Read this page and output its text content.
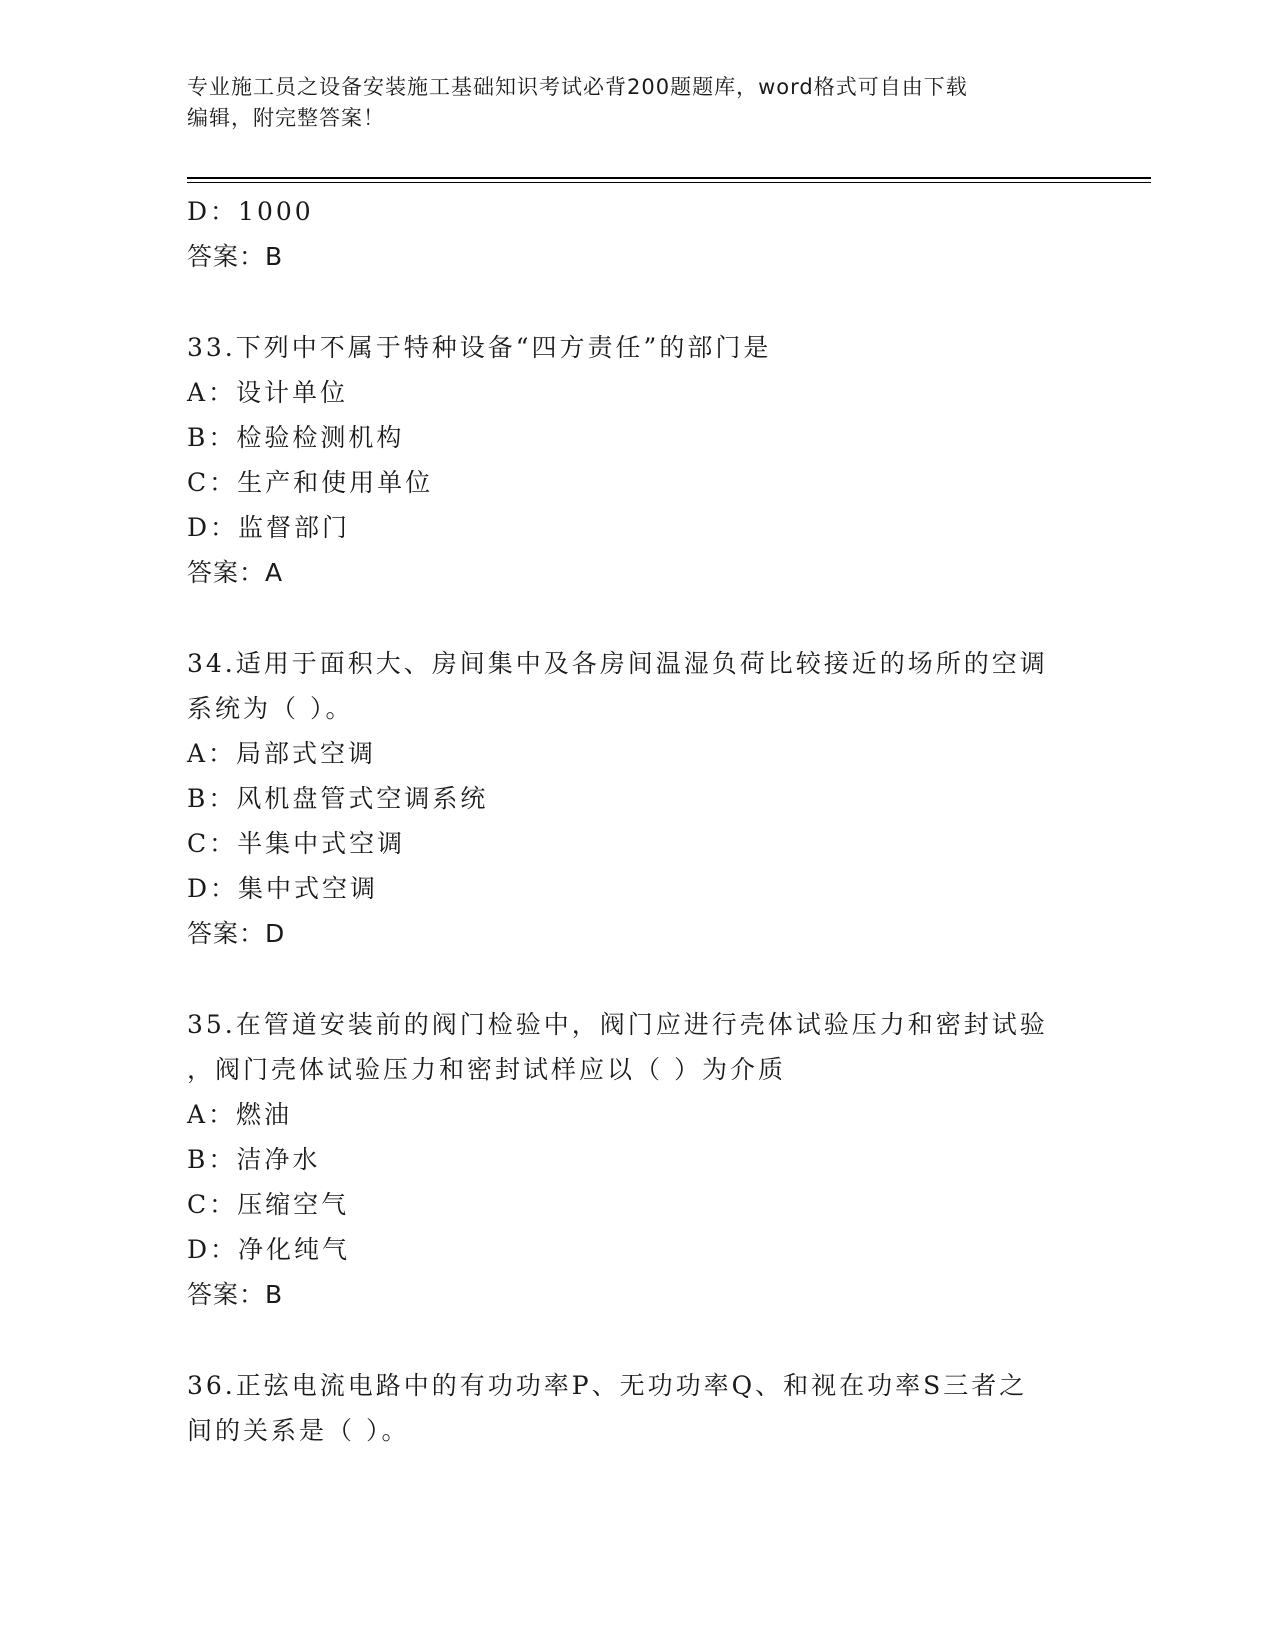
专业施工员之设备安装施工基础知识考试必背200题题库，word格式可自由下载
编辑，附完整答案！
D：1000
答案：B
33.下列中不属于特种设备“四方责任”的部门是
A：设计单位
B：检验检测机构
C：生产和使用单位
D：监督部门
答案：A
34.适用于面积大、房间集中及各房间温湿负荷比较接近的场所的空调
系统为（ ）。
A：局部式空调
B：风机盘管式空调系统
C：半集中式空调
D：集中式空调
答案：D
35.在管道安装前的阀门检验中，阀门应进行壳体试验压力和密封试验
，阀门壳体试验压力和密封试样应以（ ）为介质
A：燃油
B：洁净水
C：压缩空气
D：净化纯气
答案：B
36.正弦电流电路中的有功功率P、无功功率Q、和视在功率S三者之
间的关系是（ ）。
